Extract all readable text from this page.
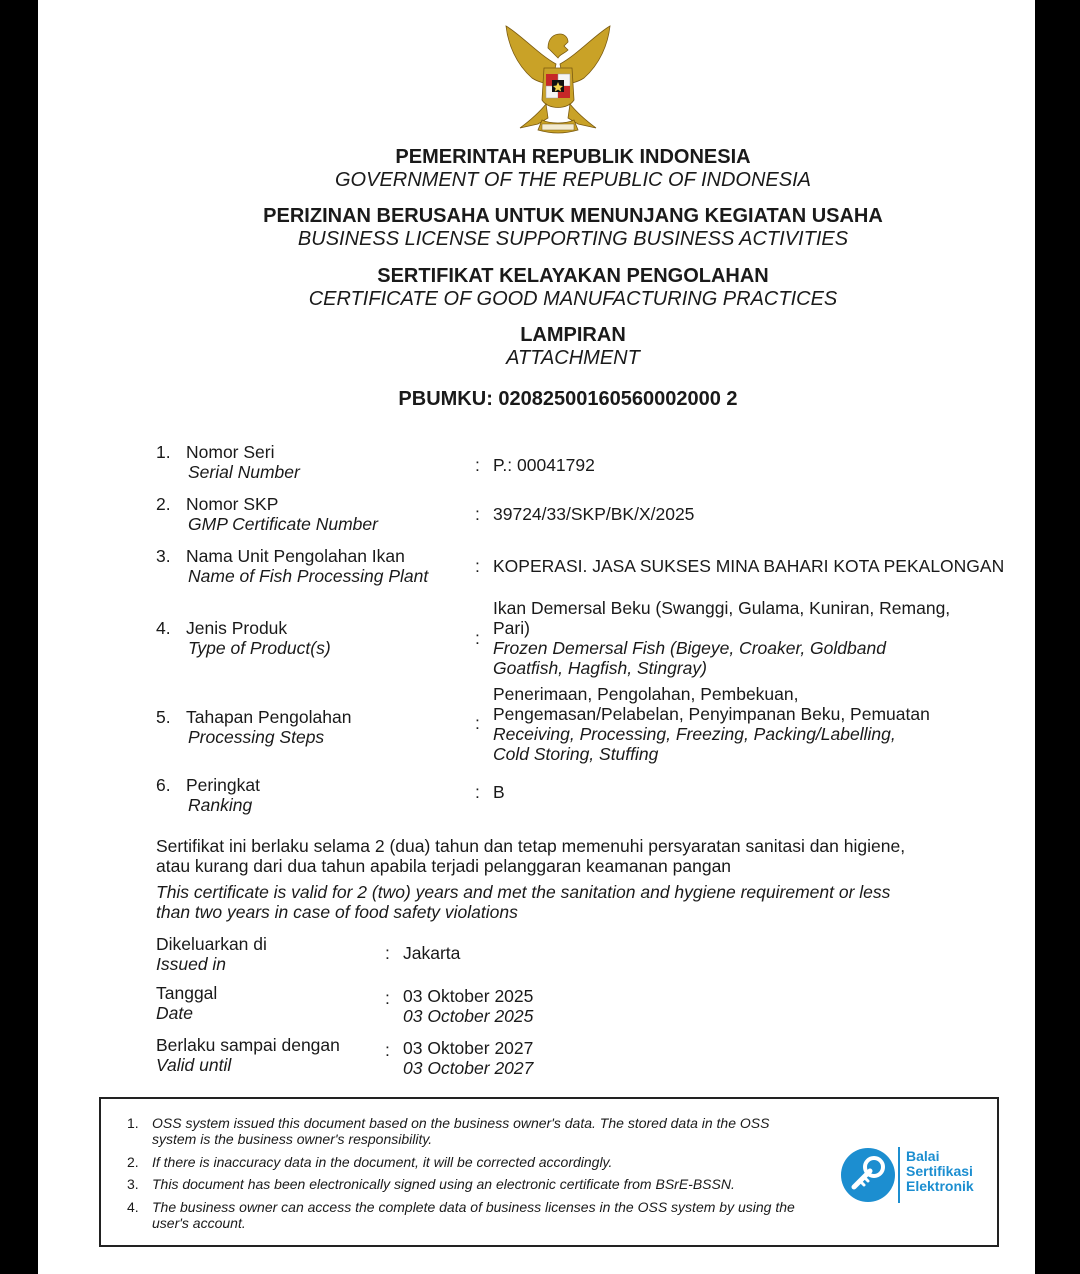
PEMERINTAH REPUBLIK INDONESIA
GOVERNMENT OF THE REPUBLIC OF INDONESIA
PERIZINAN BERUSAHA UNTUK MENUNJANG KEGIATAN USAHA
BUSINESS LICENSE SUPPORTING BUSINESS ACTIVITIES
SERTIFIKAT KELAYAKAN PENGOLAHAN
CERTIFICATE OF GOOD MANUFACTURING PRACTICES
LAMPIRAN
ATTACHMENT
PBUMKU: 02082500160560002000 2
1. Nomor Seri
Serial Number	: P.: 00041792
2. Nomor SKP
GMP Certificate Number	: 39724/33/SKP/BK/X/2025
3. Nama Unit Pengolahan Ikan
Name of Fish Processing Plant	: KOPERASI. JASA SUKSES MINA BAHARI KOTA PEKALONGAN
4. Jenis Produk
Type of Product(s)	:
Ikan Demersal Beku (Swanggi, Gulama, Kuniran, Remang,
Pari)
Frozen Demersal Fish (Bigeye, Croaker, Goldband
Goatfish, Hagfish, Stingray)
5. Tahapan Pengolahan
Processing Steps
:
Penerimaan, Pengolahan, Pembekuan,
Pengemasan/Pelabelan, Penyimpanan Beku, Pemuatan
Receiving, Processing, Freezing, Packing/Labelling,
Cold Storing, Stuffing
6. Peringkat
Ranking
: B
Sertifikat ini berlaku selama 2 (dua) tahun dan tetap memenuhi persyaratan sanitasi dan higiene,
atau kurang dari dua tahun apabila terjadi pelanggaran keamanan pangan
This certificate is valid for 2 (two) years and met the sanitation and hygiene requirement or less
than two years in case of food safety violations
Dikeluarkan di
Issued in
: Jakarta
Tanggal
Date
: 03 Oktober 2025
03 October 2025
Berlaku sampai dengan
Valid until
: 03 Oktober 2027
03 October 2027
1. OSS system issued this document based on the business owner's data. The stored data in the OSS system is the business owner's responsibility.
2. If there is inaccuracy data in the document, it will be corrected accordingly.
3. This document has been electronically signed using an electronic certificate from BSrE-BSSN.
4. The business owner can access the complete data of business licenses in the OSS system by using the user's account.
Balai
Sertifikasi
Elektronik
